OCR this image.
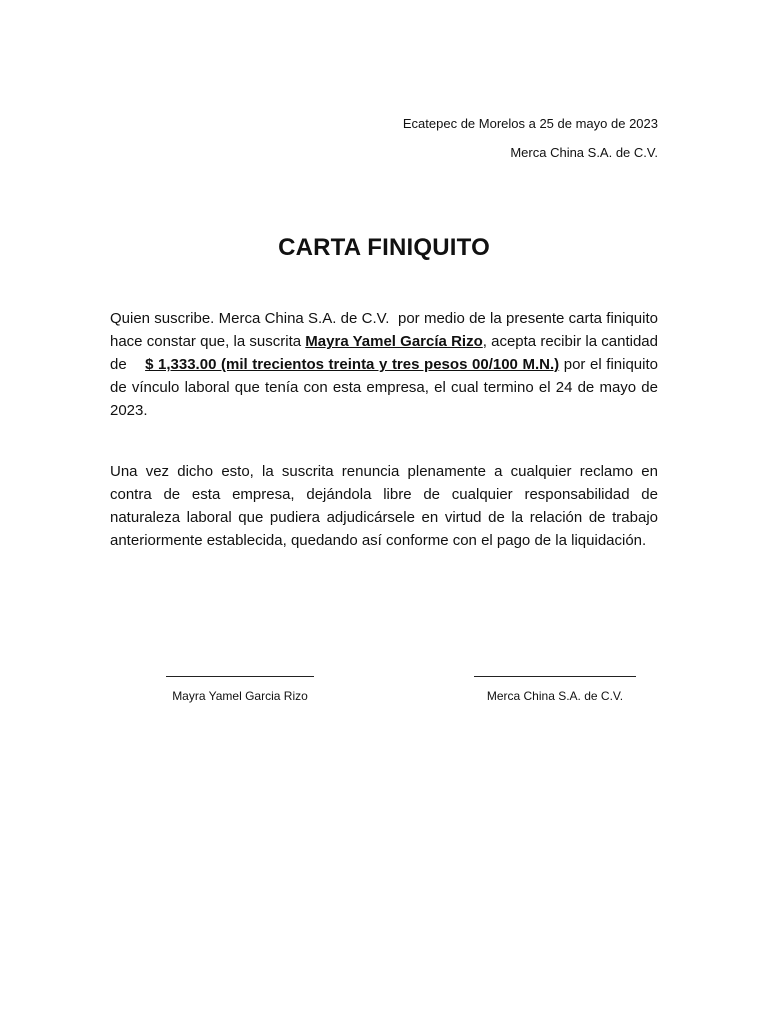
Ecatepec de Morelos a 25 de mayo de 2023
Merca China S.A. de C.V.
CARTA FINIQUITO
Quien suscribe. Merca China S.A. de C.V.  por medio de la presente carta finiquito hace constar que, la suscrita Mayra Yamel García Rizo, acepta recibir la cantidad de    $ 1,333.00 (mil trecientos treinta y tres pesos 00/100 M.N.) por el finiquito de vínculo laboral que tenía con esta empresa, el cual termino el 24 de mayo de 2023.
Una vez dicho esto, la suscrita renuncia plenamente a cualquier reclamo en contra de esta empresa, dejándola libre de cualquier responsabilidad de naturaleza laboral que pudiera adjudicársele en virtud de la relación de trabajo anteriormente establecida, quedando así conforme con el pago de la liquidación.
Mayra Yamel Garcia Rizo	Merca China S.A. de C.V.
